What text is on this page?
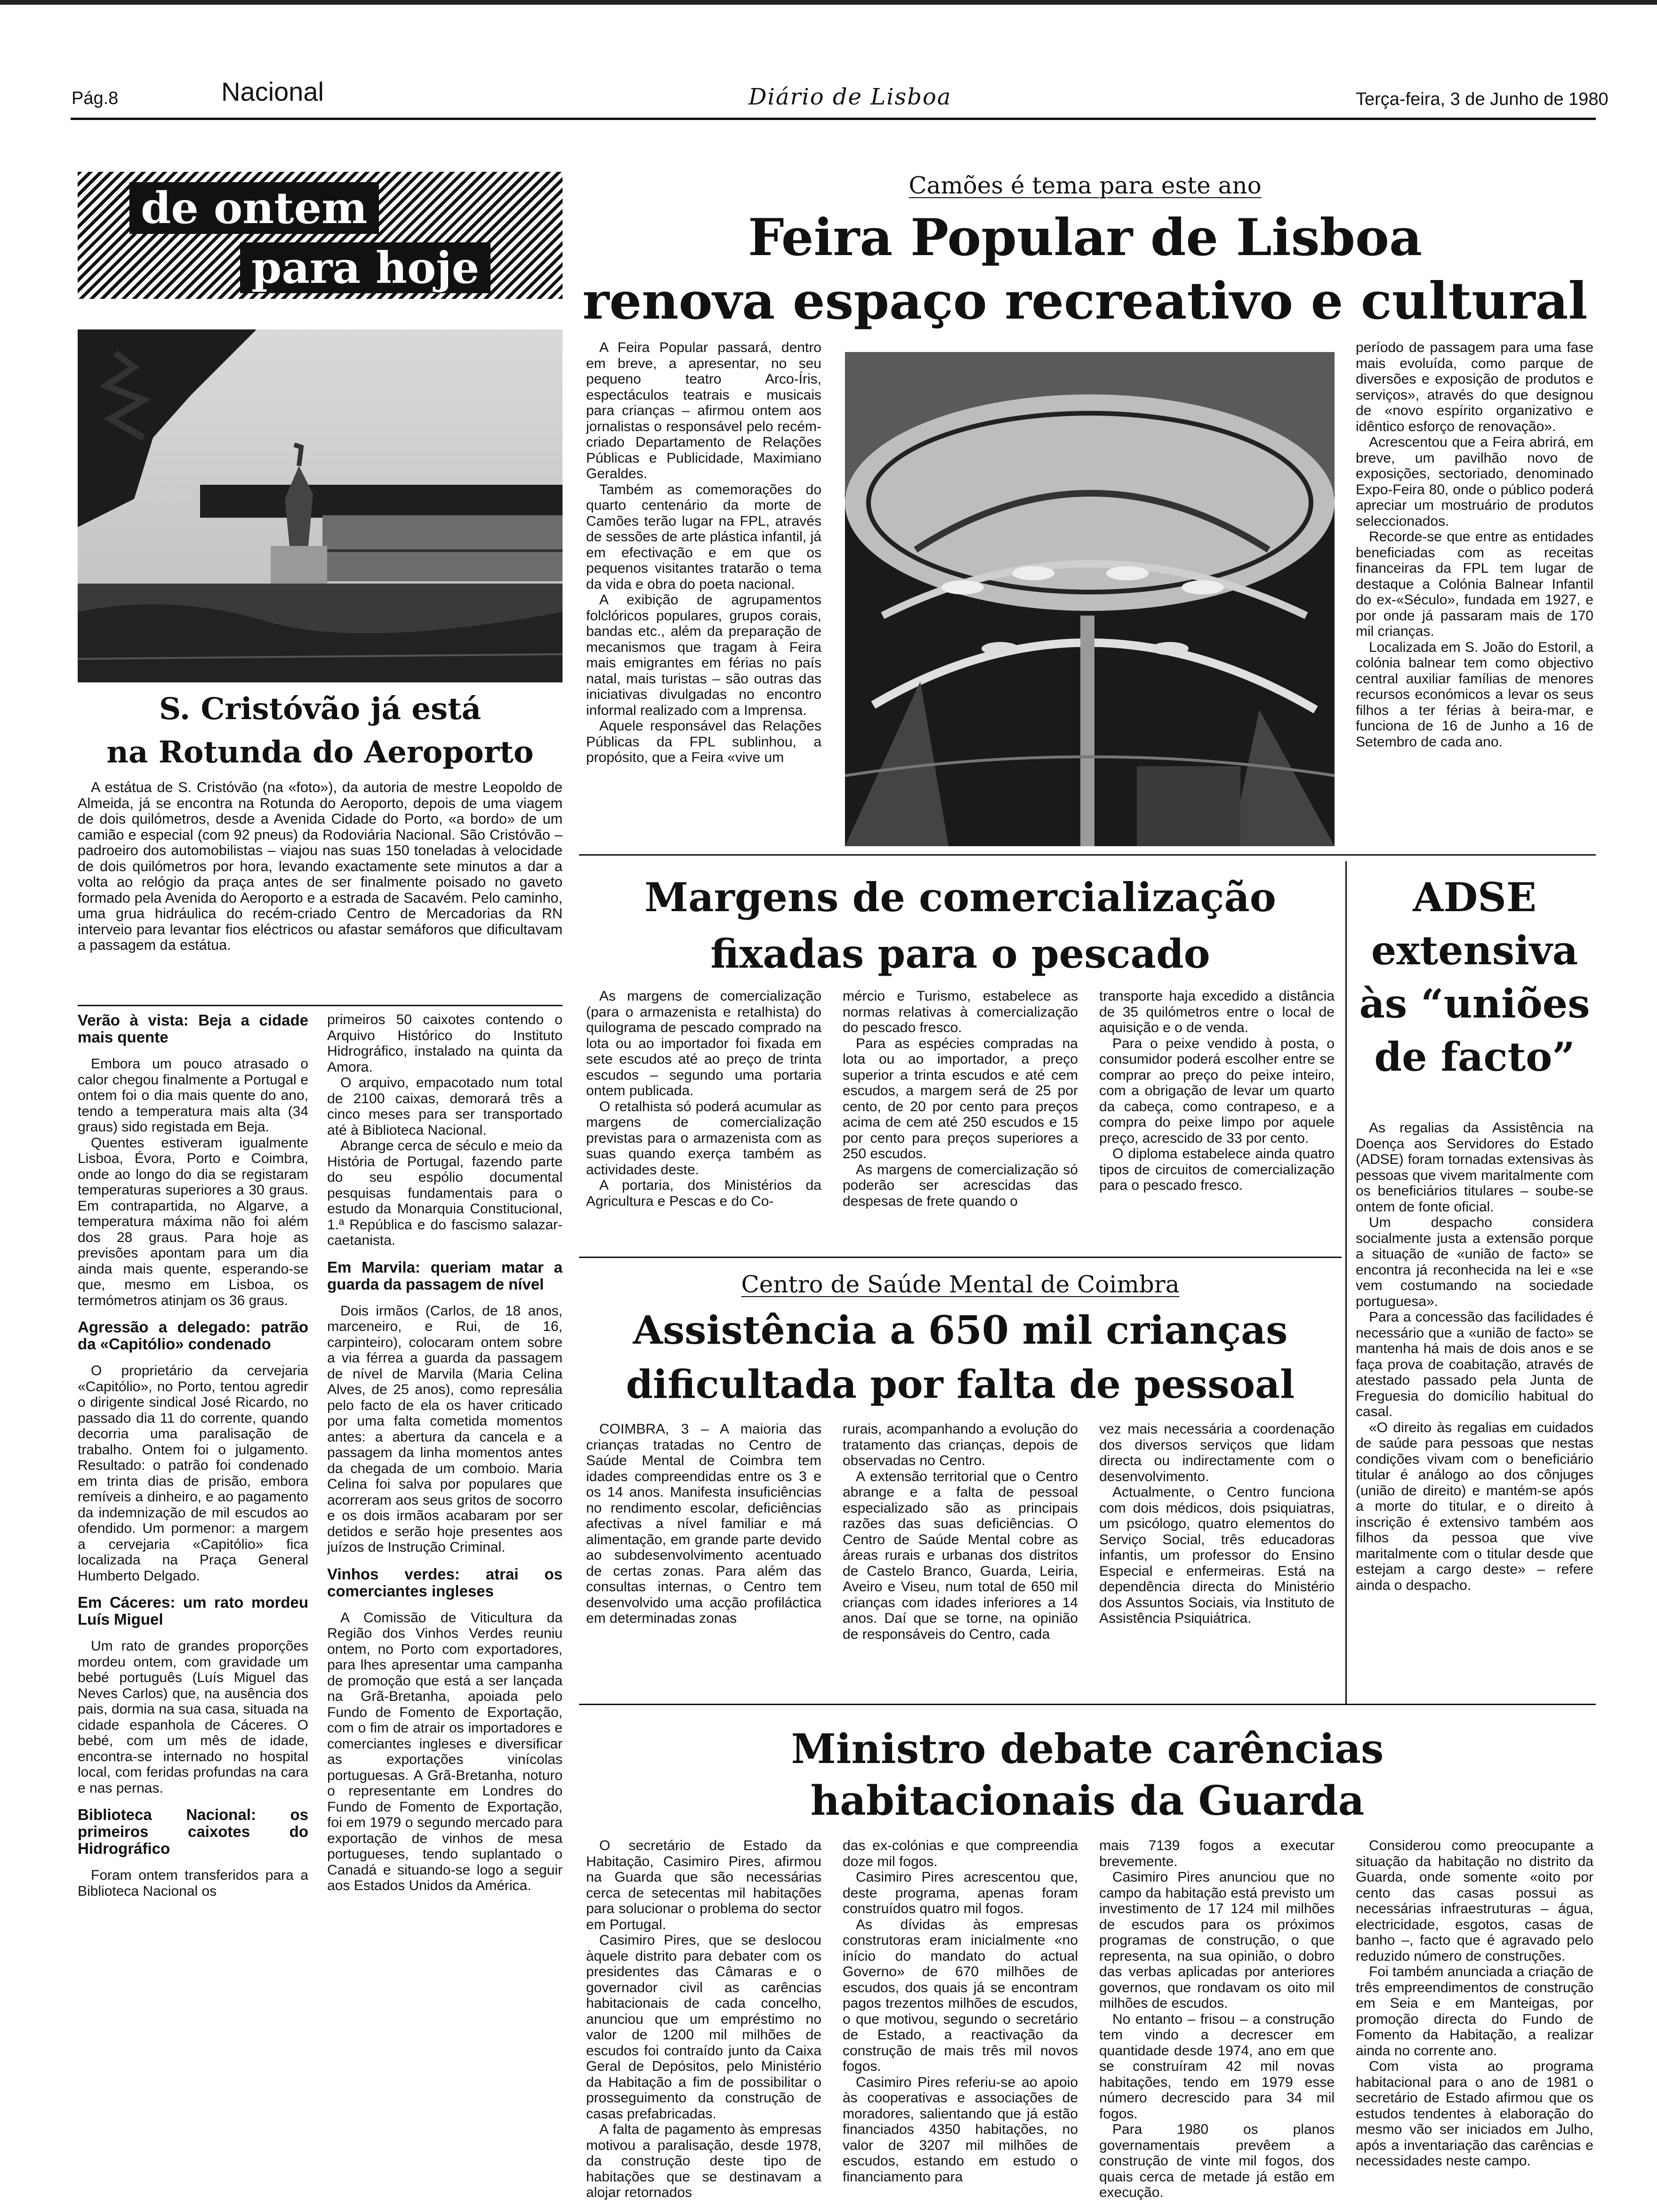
Pág.8	Nacional	Diário de Lisboa	Terça-feira, 3 de Junho de 1980
de ontem
para hoje
S. Cristóvão já está
na Rotunda do Aeroporto

A estátua de S. Cristóvão (na «foto»), da autoria de mestre Leopoldo de Almeida, já se encontra na Rotunda do Aeroporto, depois de uma viagem de dois quilómetros, desde a Avenida Cidade do Porto, «a bordo» de um camião e especial (com 92 pneus) da Rodoviária Nacional. São Cristóvão – padroeiro dos automobilistas – viajou nas suas 150 toneladas à velocidade de dois quilómetros por hora, levando exactamente sete minutos a dar a volta ao relógio da praça antes de ser finalmente poisado no gaveto formado pela Avenida do Aeroporto e a estrada de Sacavém. Pelo caminho, uma grua hidráulica do recém-criado Centro de Mercadorias da RN interveio para levantar fios eléctricos ou afastar semáforos que dificultavam a passagem da estátua.

Verão à vista: Beja a cidade mais quente

Embora um pouco atrasado o calor chegou finalmente a Portugal e ontem foi o dia mais quente do ano, tendo a temperatura mais alta (34 graus) sido registada em Beja.

Quentes estiveram igualmente Lisboa, Évora, Porto e Coimbra, onde ao longo do dia se registaram temperaturas superiores a 30 graus. Em contrapartida, no Algarve, a temperatura máxima não foi além dos 28 graus. Para hoje as previsões apontam para um dia ainda mais quente, esperando-se que, mesmo em Lisboa, os termómetros atinjam os 36 graus.

Agressão a delegado: patrão da «Capitólio» condenado

O proprietário da cervejaria «Capitólio», no Porto, tentou agredir o dirigente sindical José Ricardo, no passado dia 11 do corrente, quando decorria uma paralisação de trabalho. Ontem foi o julgamento. Resultado: o patrão foi condenado em trinta dias de prisão, embora remíveis a dinheiro, e ao pagamento da indemnização de mil escudos ao ofendido. Um pormenor: a margem a cervejaria «Capitólio» fica localizada na Praça General Humberto Delgado.

Em Cáceres: um rato mordeu Luís Miguel

Um rato de grandes proporções mordeu ontem, com gravidade um bebé português (Luís Miguel das Neves Carlos) que, na ausência dos pais, dormia na sua casa, situada na cidade espanhola de Cáceres. O bebé, com um mês de idade, encontra-se internado no hospital local, com feridas profundas na cara e nas pernas.

Biblioteca Nacional: os primeiros caixotes do Hidrográfico

Foram ontem transferidos para a Biblioteca Nacional os

primeiros 50 caixotes contendo o Arquivo Histórico do Instituto Hidrográfico, instalado na quinta da Amora.

O arquivo, empacotado num total de 2100 caixas, demorará três a cinco meses para ser transportado até à Biblioteca Nacional.

Abrange cerca de século e meio da História de Portugal, fazendo parte do seu espólio documental pesquisas fundamentais para o estudo da Monarquia Constitucional, 1.ª República e do fascismo salazar-caetanista.

Em Marvila: queriam matar a guarda da passagem de nível

Dois irmãos (Carlos, de 18 anos, marceneiro, e Rui, de 16, carpinteiro), colocaram ontem sobre a via férrea a guarda da passagem de nível de Marvila (Maria Celina Alves, de 25 anos), como represália pelo facto de ela os haver criticado por uma falta cometida momentos antes: a abertura da cancela e a passagem da linha momentos antes da chegada de um comboio. Maria Celina foi salva por populares que acorreram aos seus gritos de socorro e os dois irmãos acabaram por ser detidos e serão hoje presentes aos juízos de Instrução Criminal.

Vinhos verdes: atrai os comerciantes ingleses

A Comissão de Viticultura da Região dos Vinhos Verdes reuniu ontem, no Porto com exportadores, para lhes apresentar uma campanha de promoção que está a ser lançada na Grã-Bretanha, apoiada pelo Fundo de Fomento de Exportação, com o fim de atrair os importadores e comerciantes ingleses e diversificar as exportações vinícolas portuguesas. A Grã-Bretanha, noturo o representante em Londres do Fundo de Fomento de Exportação, foi em 1979 o segundo mercado para exportação de vinhos de mesa portugueses, tendo suplantado o Canadá e situando-se logo a seguir aos Estados Unidos da América.

Camões é tema para este ano
Feira Popular de Lisboa
renova espaço recreativo e cultural

A Feira Popular passará, dentro em breve, a apresentar, no seu pequeno teatro Arco-Íris, espectáculos teatrais e musicais para crianças – afirmou ontem aos jornalistas o responsável pelo recém-criado Departamento de Relações Públicas e Publicidade, Maximiano Geraldes.

Também as comemorações do quarto centenário da morte de Camões terão lugar na FPL, através de sessões de arte plástica infantil, já em efectivação e em que os pequenos visitantes tratarão o tema da vida e obra do poeta nacional.

A exibição de agrupamentos folclóricos populares, grupos corais, bandas etc., além da preparação de mecanismos que tragam à Feira mais emigrantes em férias no país natal, mais turistas – são outras das iniciativas divulgadas no encontro informal realizado com a Imprensa.

Aquele responsável das Relações Públicas da FPL sublinhou, a propósito, que a Feira «vive um

período de passagem para uma fase mais evoluída, como parque de diversões e exposição de produtos e serviços», através do que designou de «novo espírito organizativo e idêntico esforço de renovação».

Acrescentou que a Feira abrirá, em breve, um pavilhão novo de exposições, sectoriado, denominado Expo-Feira 80, onde o público poderá apreciar um mostruário de produtos seleccionados.

Recorde-se que entre as entidades beneficiadas com as receitas financeiras da FPL tem lugar de destaque a Colónia Balnear Infantil do ex-«Século», fundada em 1927, e por onde já passaram mais de 170 mil crianças.

Localizada em S. João do Estoril, a colónia balnear tem como objectivo central auxiliar famílias de menores recursos económicos a levar os seus filhos a ter férias à beira-mar, e funciona de 16 de Junho a 16 de Setembro de cada ano.

Margens de comercialização
fixadas para o pescado

As margens de comercialização (para o armazenista e retalhista) do quilograma de pescado comprado na lota ou ao importador foi fixada em sete escudos até ao preço de trinta escudos – segundo uma portaria ontem publicada.

O retalhista só poderá acumular as margens de comercialização previstas para o armazenista com as suas quando exerça também as actividades deste.

A portaria, dos Ministérios da Agricultura e Pescas e do Co-

mércio e Turismo, estabelece as normas relativas à comercialização do pescado fresco.

Para as espécies compradas na lota ou ao importador, a preço superior a trinta escudos e até cem escudos, a margem será de 25 por cento, de 20 por cento para preços acima de cem até 250 escudos e 15 por cento para preços superiores a 250 escudos.

As margens de comercialização só poderão ser acrescidas das despesas de frete quando o

transporte haja excedido a distância de 35 quilómetros entre o local de aquisição e o de venda.

Para o peixe vendido à posta, o consumidor poderá escolher entre se comprar ao preço do peixe inteiro, com a obrigação de levar um quarto da cabeça, como contrapeso, e a compra do peixe limpo por aquele preço, acrescido de 33 por cento.

O diploma estabelece ainda quatro tipos de circuitos de comercialização para o pescado fresco.

ADSE extensiva às “uniões de facto”

As regalias da Assistência na Doença aos Servidores do Estado (ADSE) foram tornadas extensivas às pessoas que vivem maritalmente com os beneficiários titulares – soube-se ontem de fonte oficial.

Um despacho considera socialmente justa a extensão porque a situação de «união de facto» se encontra já reconhecida na lei e «se vem costumando na sociedade portuguesa».

Para a concessão das facilidades é necessário que a «união de facto» se mantenha há mais de dois anos e se faça prova de coabitação, através de atestado passado pela Junta de Freguesia do domicílio habitual do casal.

«O direito às regalias em cuidados de saúde para pessoas que nestas condições vivam com o beneficiário titular é análogo ao dos cônjuges (união de direito) e mantém-se após a morte do titular, e o direito à inscrição é extensivo também aos filhos da pessoa que vive maritalmente com o titular desde que estejam a cargo deste» – refere ainda o despacho.

Centro de Saúde Mental de Coimbra
Assistência a 650 mil crianças
dificultada por falta de pessoal

COIMBRA, 3 – A maioria das crianças tratadas no Centro de Saúde Mental de Coimbra tem idades compreendidas entre os 3 e os 14 anos. Manifesta insuficiências no rendimento escolar, deficiências afectivas a nível familiar e má alimentação, em grande parte devido ao subdesenvolvimento acentuado de certas zonas. Para além das consultas internas, o Centro tem desenvolvido uma acção profiláctica em determinadas zonas

rurais, acompanhando a evolução do tratamento das crianças, depois de observadas no Centro.

A extensão territorial que o Centro abrange e a falta de pessoal especializado são as principais razões das suas deficiências. O Centro de Saúde Mental cobre as áreas rurais e urbanas dos distritos de Castelo Branco, Guarda, Leiria, Aveiro e Viseu, num total de 650 mil crianças com idades inferiores a 14 anos. Daí que se torne, na opinião de responsáveis do Centro, cada

vez mais necessária a coordenação dos diversos serviços que lidam directa ou indirectamente com o desenvolvimento.

Actualmente, o Centro funciona com dois médicos, dois psiquiatras, um psicólogo, quatro elementos do Serviço Social, três educadoras infantis, um professor do Ensino Especial e enfermeiras. Está na dependência directa do Ministério dos Assuntos Sociais, via Instituto de Assistência Psiquiátrica.

Ministro debate carências
habitacionais da Guarda

O secretário de Estado da Habitação, Casimiro Pires, afirmou na Guarda que são necessárias cerca de setecentas mil habitações para solucionar o problema do sector em Portugal.

Casimiro Pires, que se deslocou àquele distrito para debater com os presidentes das Câmaras e o governador civil as carências habitacionais de cada concelho, anunciou que um empréstimo no valor de 1200 mil milhões de escudos foi contraído junto da Caixa Geral de Depósitos, pelo Ministério da Habitação a fim de possibilitar o prosseguimento da construção de casas prefabricadas.

A falta de pagamento às empresas motivou a paralisação, desde 1978, da construção deste tipo de habitações que se destinavam a alojar retornados

das ex-colónias e que compreendia doze mil fogos.

Casimiro Pires acrescentou que, deste programa, apenas foram construídos quatro mil fogos.

As dívidas às empresas construtoras eram inicialmente «no início do mandato do actual Governo» de 670 milhões de escudos, dos quais já se encontram pagos trezentos milhões de escudos, o que motivou, segundo o secretário de Estado, a reactivação da construção de mais três mil novos fogos.

Casimiro Pires referiu-se ao apoio às cooperativas e associações de moradores, salientando que já estão financiados 4350 habitações, no valor de 3207 mil milhões de escudos, estando em estudo o financiamento para

mais 7139 fogos a executar brevemente.

Casimiro Pires anunciou que no campo da habitação está previsto um investimento de 17 124 mil milhões de escudos para os próximos programas de construção, o que representa, na sua opinião, o dobro das verbas aplicadas por anteriores governos, que rondavam os oito mil milhões de escudos.

No entanto – frisou – a construção tem vindo a decrescer em quantidade desde 1974, ano em que se construíram 42 mil novas habitações, tendo em 1979 esse número decrescido para 34 mil fogos.

Para 1980 os planos governamentais prevêem a construção de vinte mil fogos, dos quais cerca de metade já estão em execução.

Considerou como preocupante a situação da habitação no distrito da Guarda, onde somente «oito por cento das casas possui as necessárias infraestruturas – água, electricidade, esgotos, casas de banho –, facto que é agravado pelo reduzido número de construções.

Foi também anunciada a criação de três empreendimentos de construção em Seia e em Manteigas, por promoção directa do Fundo de Fomento da Habitação, a realizar ainda no corrente ano.

Com vista ao programa habitacional para o ano de 1981 o secretário de Estado afirmou que os estudos tendentes à elaboração do mesmo vão ser iniciados em Julho, após a inventariação das carências e necessidades neste campo.
